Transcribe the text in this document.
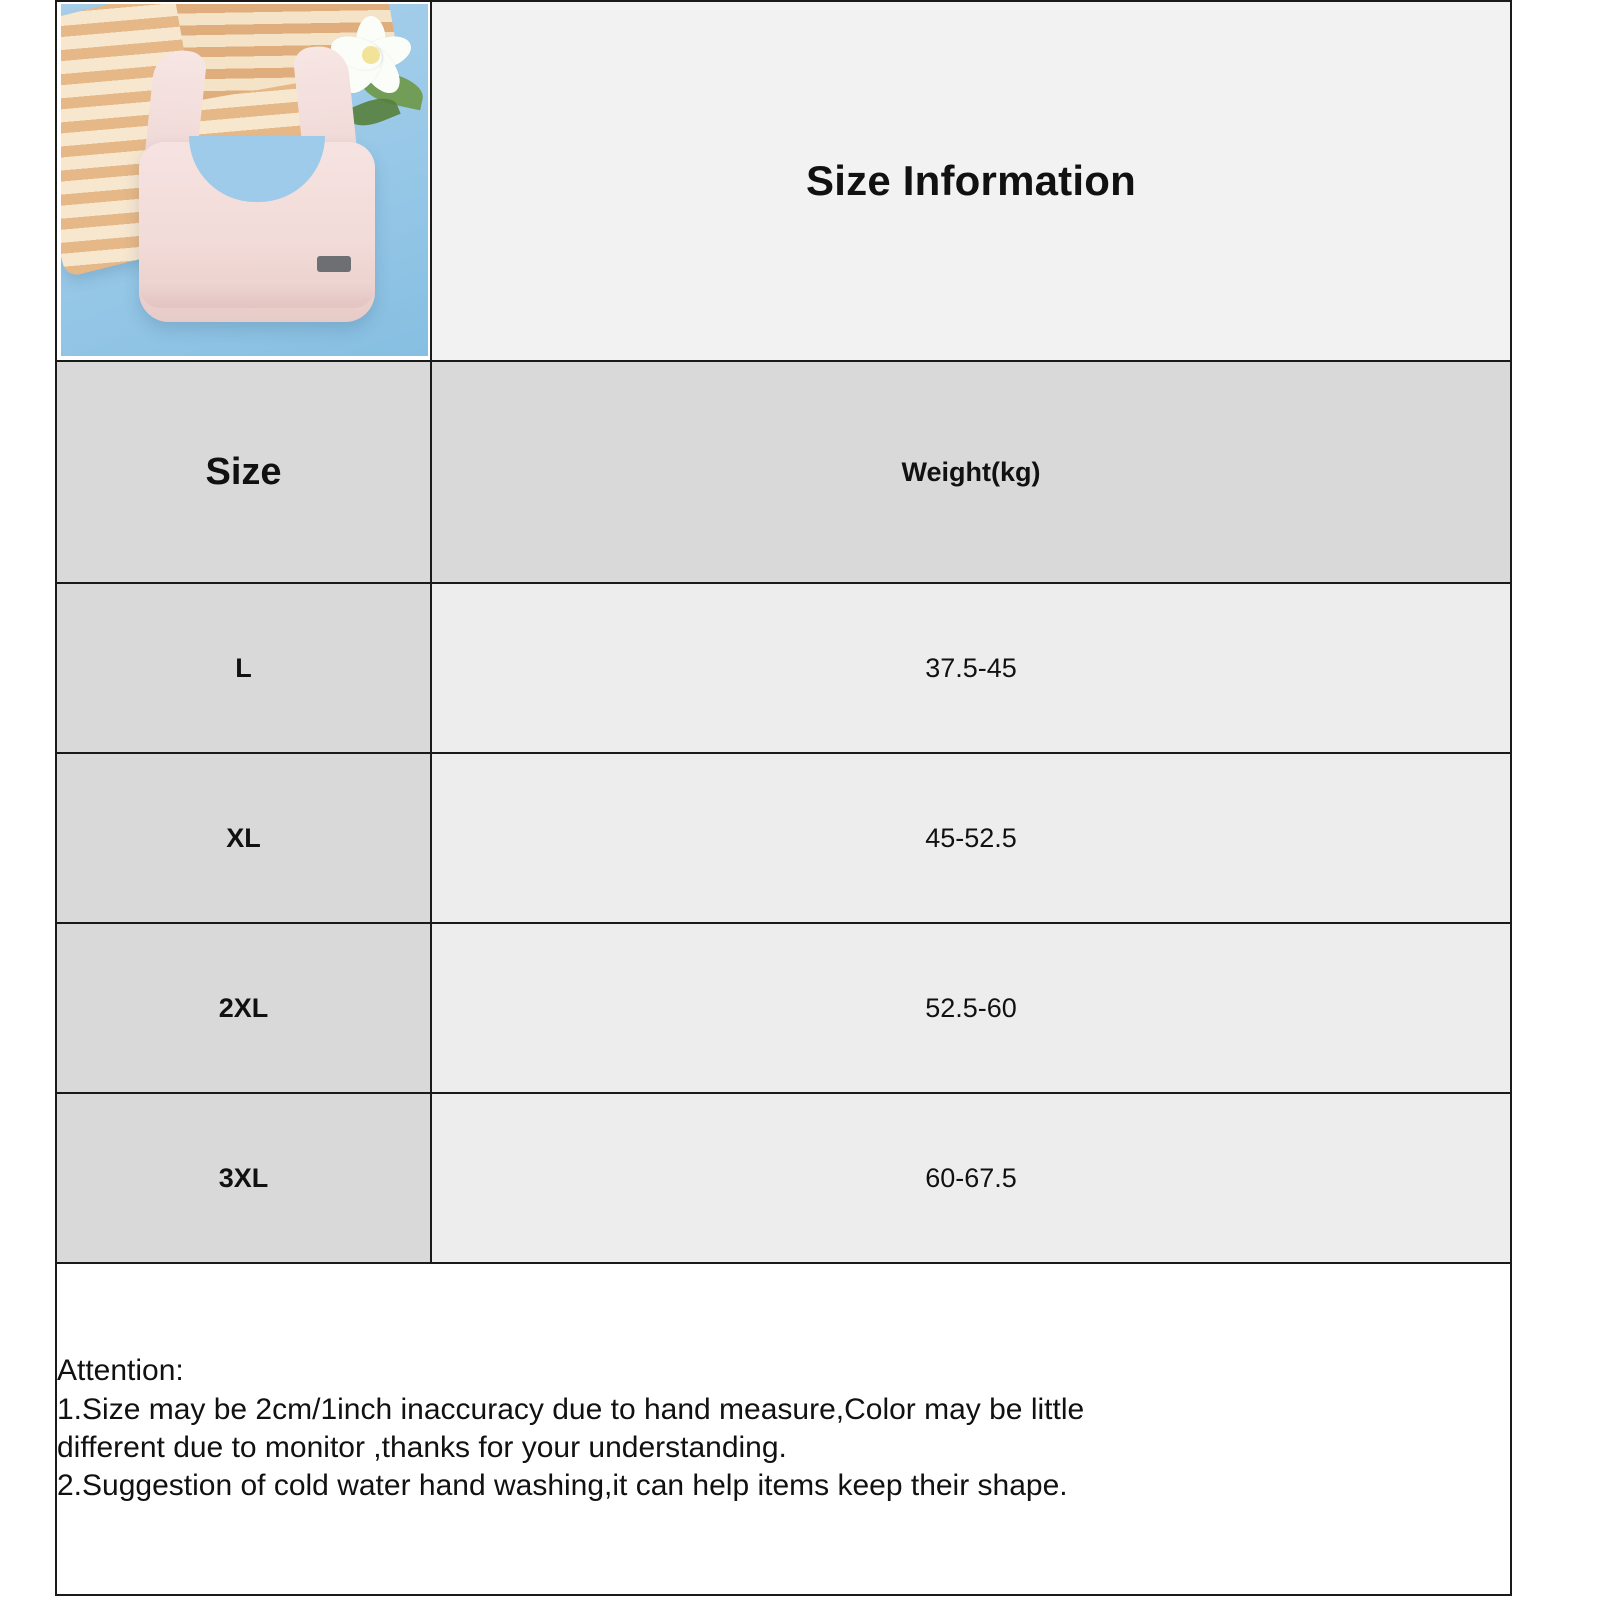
	Size Information

Size	Weight(kg)

L	37.5-45
XL	45-52.5
2XL	52.5-60
3XL	60-67.5

Attention:
1.Size may be 2cm/1inch inaccuracy due to hand measure,Color may be little
different due to monitor ,thanks for your understanding.
2.Suggestion of cold water hand washing,it can help items keep their shape.	
